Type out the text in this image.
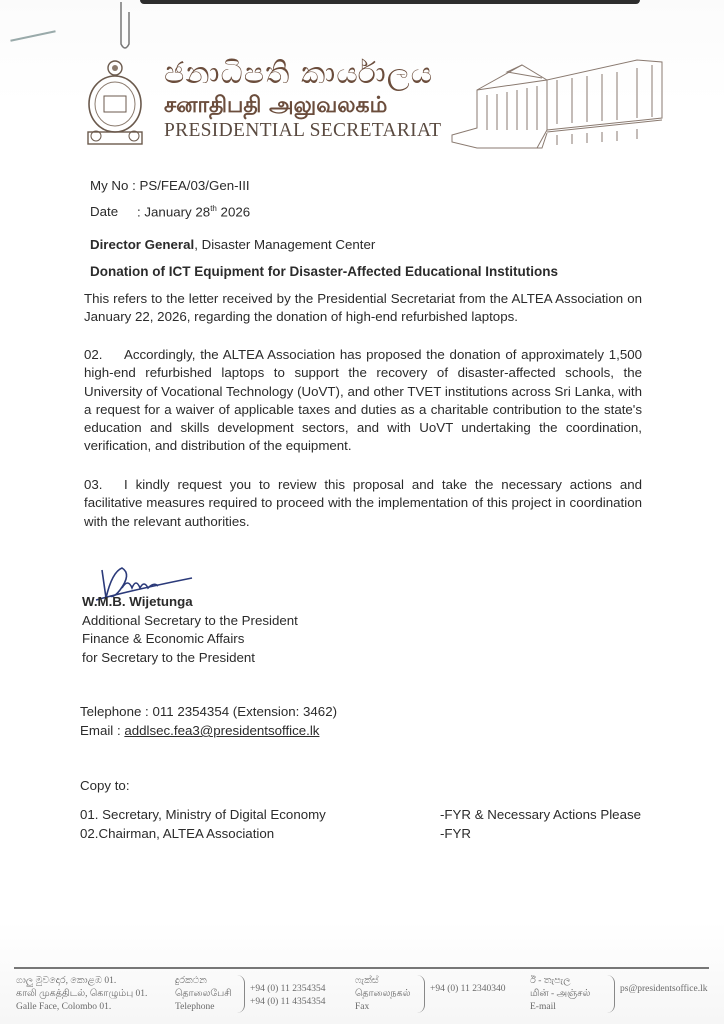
ජනාධිපති කාර්යාලය
சனாதிபதி அலுவலகம்
PRESIDENTIAL SECRETARIAT
My No : PS/FEA/03/Gen-III
Date : January 28th 2026
Director General, Disaster Management Center
Donation of ICT Equipment for Disaster-Affected Educational Institutions
This refers to the letter received by the Presidential Secretariat from the ALTEA Association on January 22, 2026, regarding the donation of high-end refurbished laptops.
02. Accordingly, the ALTEA Association has proposed the donation of approximately 1,500 high-end refurbished laptops to support the recovery of disaster-affected schools, the University of Vocational Technology (UoVT), and other TVET institutions across Sri Lanka, with a request for a waiver of applicable taxes and duties as a charitable contribution to the state's education and skills development sectors, and with UoVT undertaking the coordination, verification, and distribution of the equipment.
03. I kindly request you to review this proposal and take the necessary actions and facilitative measures required to proceed with the implementation of this project in coordination with the relevant authorities.
W.M.B. Wijetunga
Additional Secretary to the President
Finance & Economic Affairs
for Secretary to the President
Telephone : 011 2354354 (Extension: 3462)
Email : addlsec.fea3@presidentsoffice.lk
Copy to:
01. Secretary, Ministry of Digital Economy	-FYR & Necessary Actions Please
02.Chairman, ALTEA Association	-FYR
ගාලු මුවදොර, කොළඹ 01.
காலி முகத்திடல், கொழும்பு 01.
Galle Face, Colombo 01.
දුරකථන
தொலைபேசி
Telephone
+94 (0) 11 2354354
+94 (0) 11 4354354
ෆැක්ස්
தொலைநகல்
Fax
+94 (0) 11 2340340
ඊ - තැපැල
மின் - அஞ்சல்
E-mail
ps@presidentsoffice.lk
